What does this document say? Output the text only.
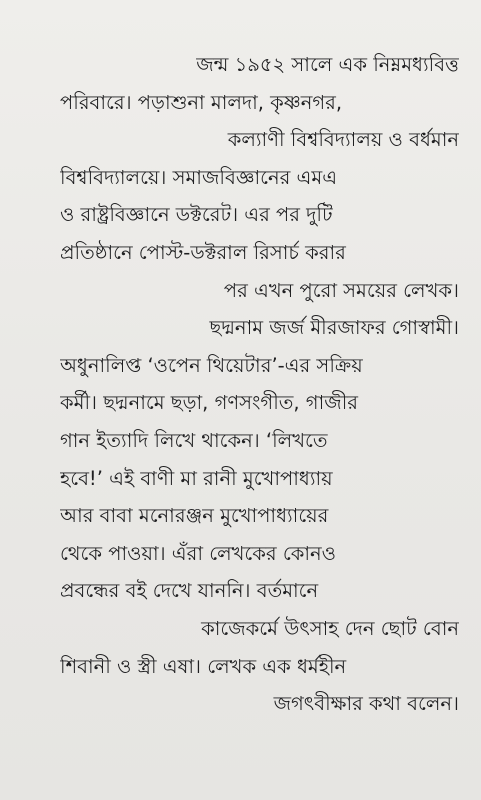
জন্ম ১৯৫২ সালে এক নিম্নমধ্যবিত্ত
পরিবারে। পড়াশুনা মালদা, কৃষ্ণনগর,
কল্যাণী বিশ্ববিদ্যালয় ও বর্ধমান
বিশ্ববিদ্যালয়ে। সমাজবিজ্ঞানের এমএ
ও রাষ্ট্রবিজ্ঞানে ডক্টরেট। এর পর দুটি
প্রতিষ্ঠানে পোস্ট-ডক্টরাল রিসার্চ করার
পর এখন পুরো সময়ের লেখক।
ছদ্মনাম জর্জ মীরজাফর গোস্বামী।
অধুনালিপ্ত ‘ওপেন থিয়েটার’-এর সক্রিয়
কর্মী। ছদ্মনামে ছড়া, গণসংগীত, গাজীর
গান ইত্যাদি লিখে থাকেন। ‘লিখতে
হবে!’ এই বাণী মা রানী মুখোপাধ্যায়
আর বাবা মনোরঞ্জন মুখোপাধ্যায়ের
থেকে পাওয়া। এঁরা লেখকের কোনও
প্রবন্ধের বই দেখে যাননি। বর্তমানে
কাজেকর্মে উৎসাহ দেন ছোট বোন
শিবানী ও স্ত্রী এষা। লেখক এক ধর্মহীন
জগৎবীক্ষার কথা বলেন।
